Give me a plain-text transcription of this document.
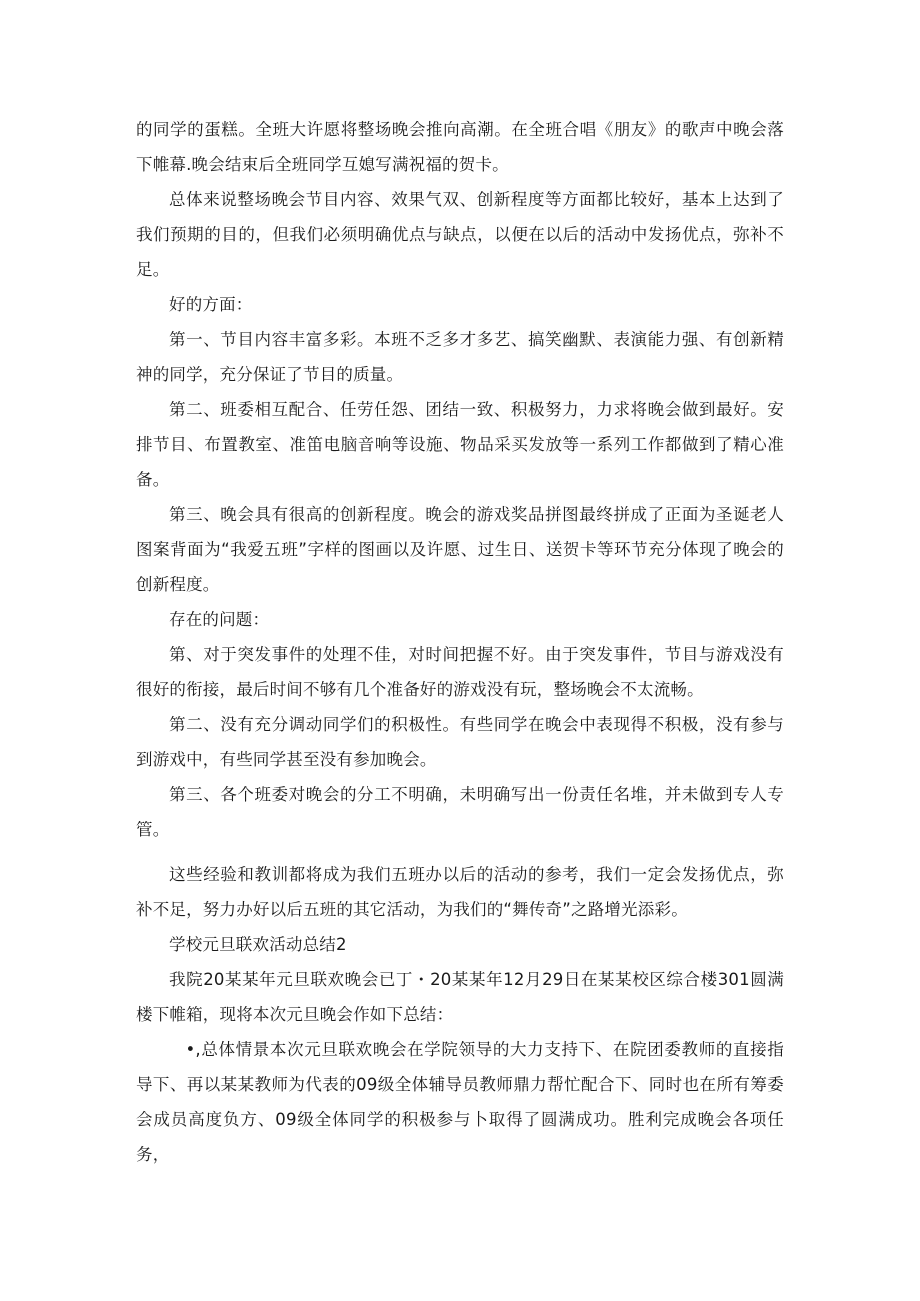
的同学的蛋糕。全班大许愿将整场晚会推向高潮。在全班合唱《朋友》的歌声中晚会落下帷幕.晚会结束后全班同学互媳写满祝福的贺卡。

总体来说整场晚会节目内容、效果气双、创新程度等方面都比较好，基本上达到了我们预期的目的，但我们必须明确优点与缺点，以便在以后的活动中发扬优点，弥补不足。

好的方面：

第一、节目内容丰富多彩。本班不乏多才多艺、搞笑幽默、表演能力强、有创新精神的同学，充分保证了节目的质量。

第二、班委相互配合、任劳任怨、团结一致、积极努力，力求将晚会做到最好。安排节目、布置教室、准笛电脑音响等设施、物品采买发放等一系列工作都做到了精心准备。

第三、晚会具有很高的创新程度。晚会的游戏奖品拼图最终拼成了正面为圣诞老人图案背面为“我爱五班”字样的图画以及许愿、过生日、送贺卡等环节充分体现了晚会的创新程度。

存在的问题：

第、对于突发事件的处理不佳，对时间把握不好。由于突发事件，节目与游戏没有很好的衔接，最后时间不够有几个准备好的游戏没有玩，整场晚会不太流畅。

第二、没有充分调动同学们的积极性。有些同学在晚会中表现得不积极，没有参与到游戏中，有些同学甚至没有参加晚会。

第三、各个班委对晚会的分工不明确，未明确写出一份责任名堆，并未做到专人专管。

这些经验和教训都将成为我们五班办以后的活动的参考，我们一定会发扬优点，弥补不足，努力办好以后五班的其它活动，为我们的“舞传奇”之路增光添彩。

学校元旦联欢活动总结2

我院20某某年元旦联欢晚会已丁・20某某年12月29日在某某校区综合楼301圆满楼下帷箱，现将本次元旦晚会作如下总结：

•,总体情景本次元旦联欢晚会在学院领导的大力支持下、在院团委教师的直接指导下、再以某某教师为代表的09级全体辅导员教师鼎力帮忙配合下、同时也在所有筹委会成员高度负方、09级全体同学的积极参与卜取得了圆满成功。胜利完成晚会各项任务，
